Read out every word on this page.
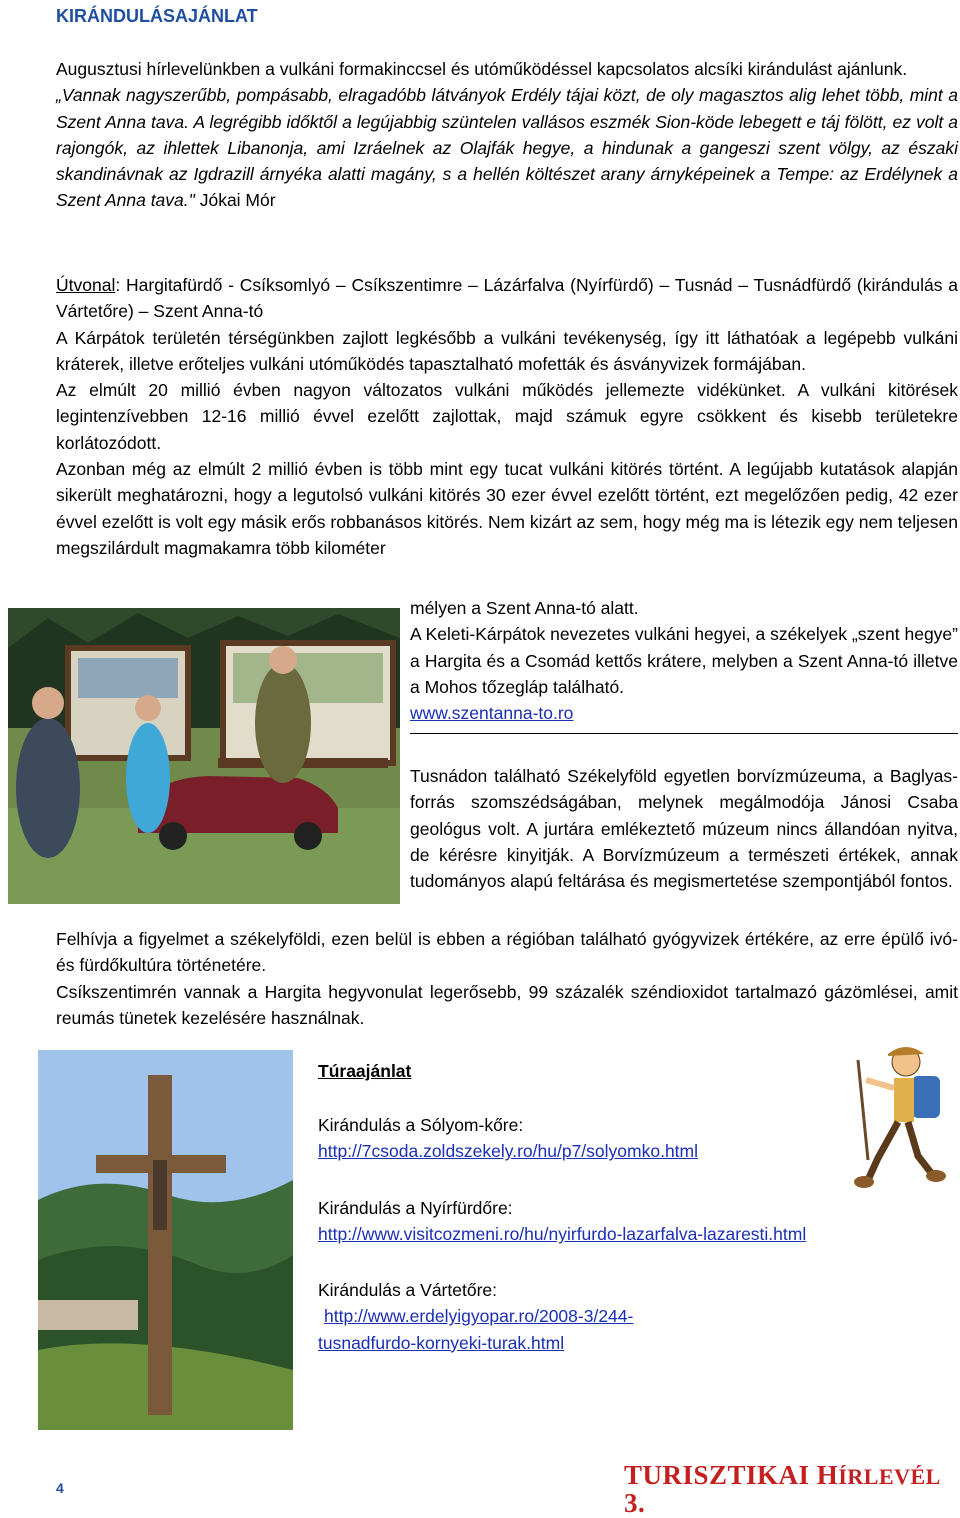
KIRÁNDULÁSAJÁNLAT

Augusztusi hírlevelünkben a vulkáni formakinccsel és utóműködéssel kapcsolatos alcsíki kirándulást ajánlunk.

„Vannak nagyszerűbb, pompásabb, elragadóbb látványok Erdély tájai közt, de oly magasztos alig lehet több, mint a Szent Anna tava. A legrégibb időktől a legújabbig szüntelen vallásos eszmék Sion-köde lebegett e táj fölött, ez volt a rajongók, az ihlettek Libanonja, ami Izráelnek az Olajfák hegye, a hindunak a gangeszi szent völgy, az északi skandinávnak az Igdrazill árnyéka alatti magány, s a hellén költészet arany árnyképeinek a Tempe: az Erdélynek a Szent Anna tava." Jókai Mór

Útvonal: Hargitafürdő - Csíksomlyó – Csíkszentimre – Lázárfalva (Nyírfürdő) – Tusnád – Tusnádfürdő (kirándulás a Vártetőre) – Szent Anna-tó

A Kárpátok területén térségünkben zajlott legkésőbb a vulkáni tevékenység, így itt láthatóak a legépebb vulkáni kráterek, illetve erőteljes vulkáni utóműködés tapasztalható mofetták és ásványvizek formájában.

Az elmúlt 20 millió évben nagyon változatos vulkáni működés jellemezte vidékünket. A vulkáni kitörések legintenzívebben 12-16 millió évvel ezelőtt zajlottak, majd számuk egyre csökkent és kisebb területekre korlátozódott.

Azonban még az elmúlt 2 millió évben is több mint egy tucat vulkáni kitörés történt. A legújabb kutatások alapján sikerült meghatározni, hogy a legutolsó vulkáni kitörés 30 ezer évvel ezelőtt történt, ezt megelőzően pedig, 42 ezer évvel ezelőtt is volt egy másik erős robbanásos kitörés. Nem kizárt az sem, hogy még ma is létezik egy nem teljesen megszilárdult magmakamra több kilométer

mélyen a Szent Anna-tó alatt.
A Keleti-Kárpátok nevezetes vulkáni hegyei, a székelyek „szent hegye” a Hargita és a Csomád kettős krátere, melyben a Szent Anna-tó illetve a Mohos tőzegláp található.
www.szentanna-to.ro
Tusnádon található Székelyföld egyetlen borvízmúzeuma, a Baglyas-forrás szomszédságában, melynek megálmodója Jánosi Csaba geológus volt. A jurtára emlékeztető múzeum nincs állandóan nyitva, de kérésre kinyitják. A Borvízmúzeum a természeti értékek, annak tudományos alapú feltárása és megismertetése szempontjából fontos.
Felhívja a figyelmet a székelyföldi, ezen belül is ebben a régióban található gyógyvizek értékére, az erre épülő ivó- és fürdőkultúra történetére.
Csíkszentimrén vannak a Hargita hegyvonulat legerősebb, 99 százalék széndioxidot tartalmazó gázömlései, amit reumás tünetek kezelésére használnak.
Túraajánlat
Kirándulás a Sólyom-kőre:
http://7csoda.zoldszekely.ro/hu/p7/solyomko.html
Kirándulás a Nyírfürdőre:
http://www.visitcozmeni.ro/hu/nyirfurdo-lazarfalva-lazaresti.html
Kirándulás a Vártetőre:
http://www.erdelyigyopar.ro/2008-3/244-tusnadfurdo-kornyeki-turak.html
4	TURISZTIKAI HÍRLEVÉL 3.
